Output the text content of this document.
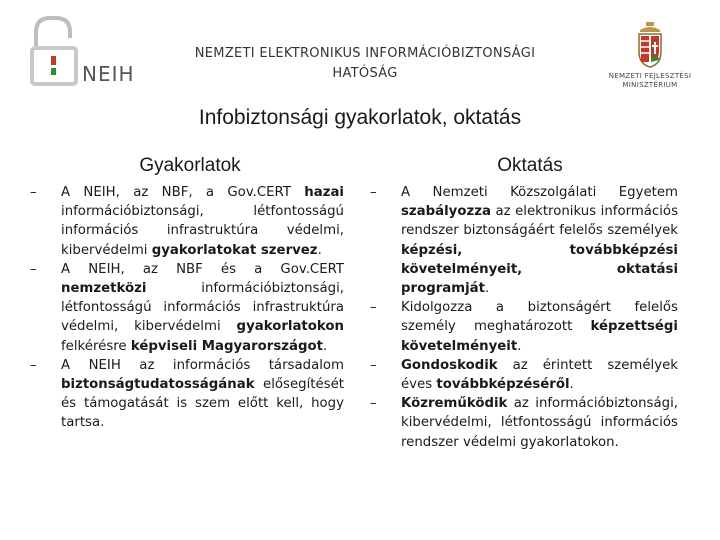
NEIH
NEMZETI ELEKTRONIKUS INFORMÁCIÓBIZTONSÁGI
HATÓSÁG	NEMZETI FEJLESZTÉSI
MINISZTÉRIUM
Infobiztonsági gyakorlatok, oktatás
Gyakorlatok	Oktatás
– A NEIH, az NBF, a Gov.CERT hazai információbiztonsági, létfontosságú információs infrastruktúra védelmi, kibervédelmi gyakorlatokat szervez.
– A NEIH, az NBF és a Gov.CERT nemzetközi információbiztonsági, létfontosságú információs infrastruktúra védelmi, kibervédelmi gyakorlatokon felkérésre képviseli Magyarországot.
– A NEIH az információs társadalom biztonságtudatosságának elősegítését és támogatását is szem előtt kell, hogy tartsa.
– A Nemzeti Közszolgálati Egyetem szabályozza az elektronikus információs rendszer biztonságáért felelős személyek képzési, továbbképzési követelményeit, oktatási programját.
– Kidolgozza a biztonságért felelős személy meghatározott képzettségi követelményeit.
– Gondoskodik az érintett személyek éves továbbképzéséről.
– Közreműködik az információbiztonsági, kibervédelmi, létfontosságú információs rendszer védelmi gyakorlatokon.
